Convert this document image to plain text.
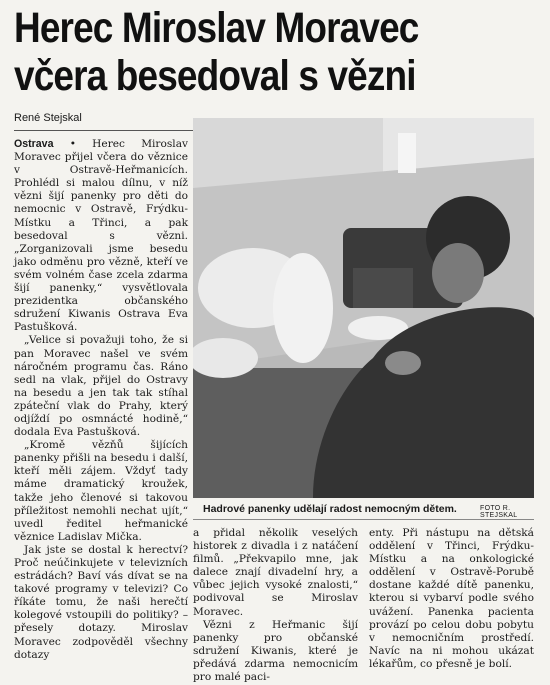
Herec Miroslav Moravec
včera besedoval s vězni
René Stejskal

Ostrava • Herec Miroslav Moravec přijel včera do věznice v Ostravě-Heřmanicích. Prohlédl si malou dílnu, v níž vězni šijí panenky pro děti do nemocnic v Ostravě, Frýdku-Místku a Třinci, a pak besedoval s vězni. „Zorganizovali jsme besedu jako odměnu pro vězně, kteří ve svém volném čase zcela zdarma šijí panenky,“ vysvětlovala prezidentka občanského sdružení Kiwanis Ostrava Eva Pastušková.

„Velice si považuji toho, že si pan Moravec našel ve svém náročném programu čas. Ráno sedl na vlak, přijel do Ostravy na besedu a jen tak tak stíhal zpáteční vlak do Prahy, který odjíždí po osmnácté hodině,“ dodala Eva Pastušková.

„Kromě vězňů šijících panenky přišli na besedu i další, kteří měli zájem. Vždyť tady máme dramatický kroužek, takže jeho členové si takovou příležitost nemohli nechat ujít,“ uvedl ředitel heřmanické věznice Ladislav Mička.

Jak jste se dostal k herectví? Proč neúčinkujete v televizních estrádách? Baví vás dívat se na takové programy v televizi? Co říkáte tomu, že naši herečtí kolegové vstoupili do politiky? – přesely dotazy. Miroslav Moravec zodpověděl všechny dotazy

Hadrové panenky udělají radost nemocným dětem.	FOTO R. STEJSKAL

a přidal několik veselých historek z divadla i z natáčení filmů. „Překvapilo mne, jak dalece znají divadelní hry, a vůbec jejich vysoké znalosti,“ podivoval se Miroslav Moravec.

Vězni z Heřmanic šijí panenky pro občanské sdružení Kiwanis, které je předává zdarma nemocnicím pro malé paci-

enty. Při nástupu na dětská oddělení v Třinci, Frýdku-Místku a na onkologické oddělení v Ostravě-Porubě dostane každé dítě panenku, kterou si vybarví podle svého uvážení. Panenka pacienta provází po celou dobu pobytu v nemocničním prostředí. Navíc na ni mohou ukázat lékařům, co přesně je bolí.
